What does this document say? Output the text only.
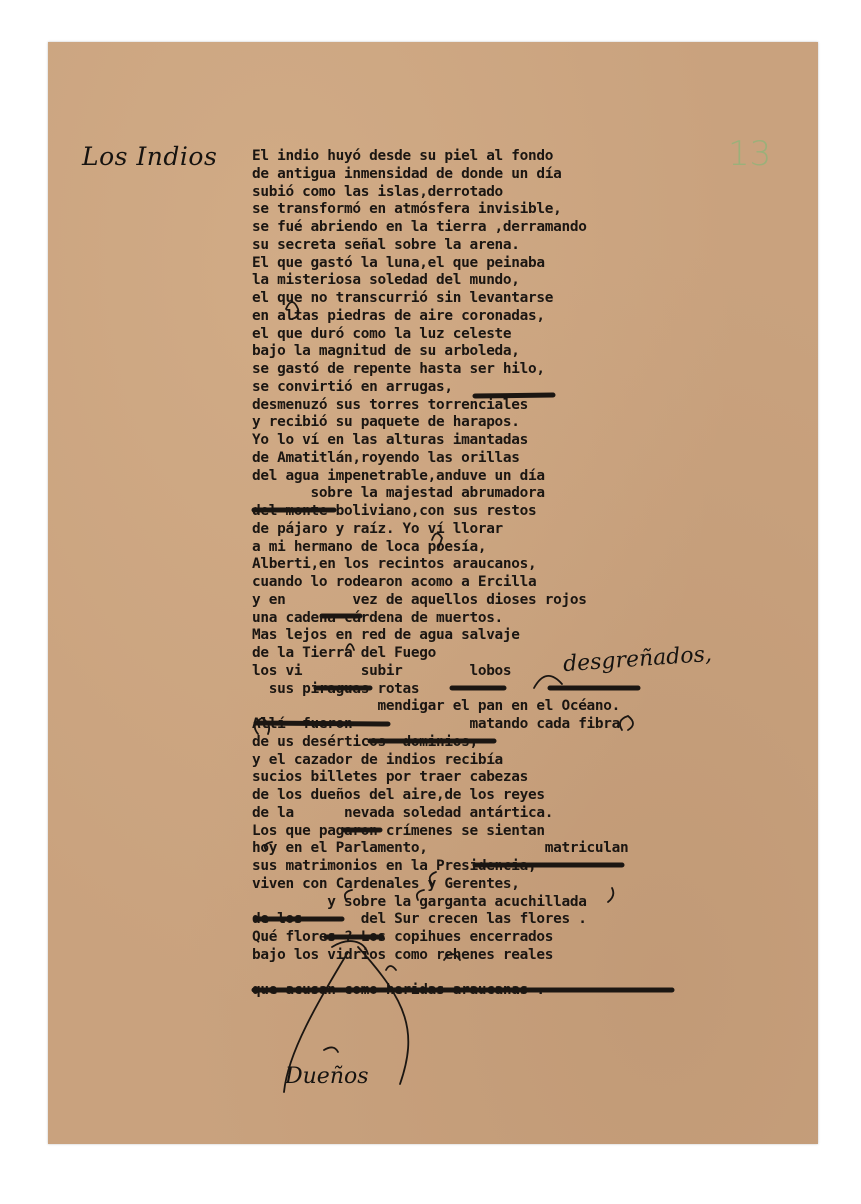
Los Indios	13
El indio huyó desde su piel al fondo
de antigua inmensidad de donde un día
subió como las islas,derrotado
se transformó en atmósfera invisible,
se fué abriendo en la tierra ,derramando
su secreta señal sobre la arena.
El que gastó la luna,el que peinaba
la misteriosa soledad del mundo,
el que no transcurrió sin levantarse
en altas piedras de aire coronadas,
el que duró como la luz celeste
bajo la magnitud de su arboleda,
se gastó de repente hasta ser hilo,
se convirtió en arrugas,
desmenuzó sus torres torrenciales
y recibió su paquete de harapos.
Yo lo ví en las alturas imantadas
de Amatitlán,royendo las orillas
del agua impenetrable,anduve un día
sobre la majestad abrumadora
del monte boliviano,con sus restos
de pájaro y raíz. Yo ví llorar
a mi hermano de loca poesía,
Alberti,en los recintos araucanos,
cuando lo rodearon acomo a Ercilla
y en        vez de aquellos dioses rojos
una cadena cárdena de muertos.
Mas lejos en red de agua salvaje
de la Tierra del Fuego
los vi       subir        lobos
sus piraguas rotas
mendigar el pan en el Océano.
Allí  fueron              matando cada fibra
de us desérticos  dominios,
y el cazador de indios recibía
sucios billetes por traer cabezas
de los dueños del aire,de los reyes
de la      nevada soledad antártica.
Los que pagaron crímenes se sientan
hoy en el Parlamento,              matriculan
sus matrimonios en la Presidencia,
viven con Cardenales y Gerentes,
y sobre la garganta acuchillada
de los       del Sur crecen las flores .
Qué flores ? Los copihues encerrados
bajo los vidrios como rehenes reales
que acusan como heridas araucanas .
desgreñados,
Dueños
